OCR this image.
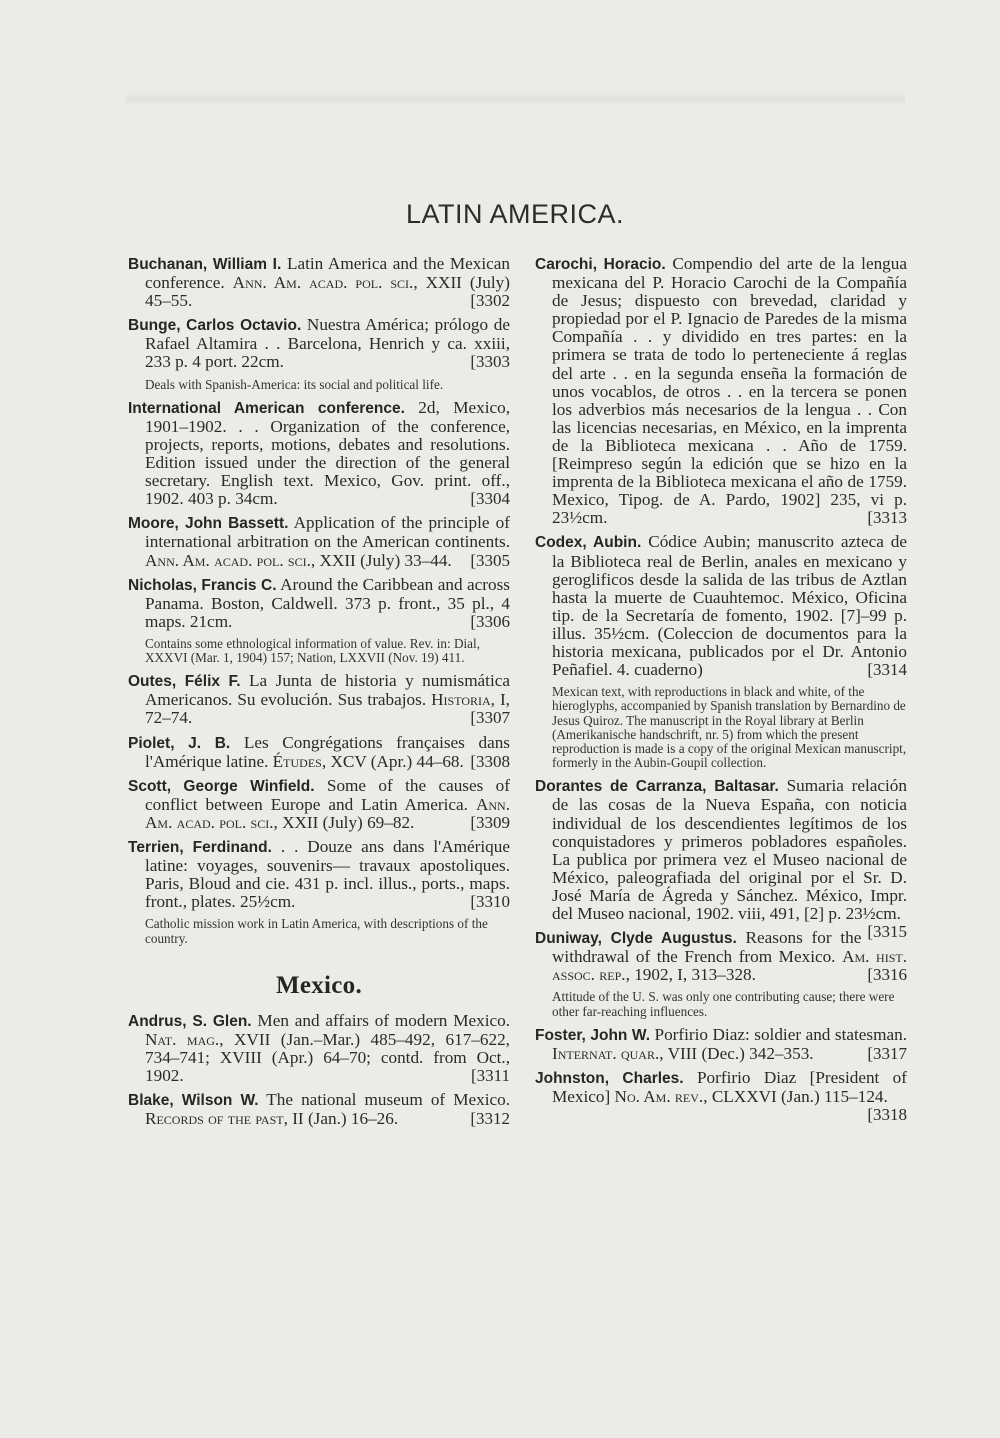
LATIN AMERICA.

Buchanan, William I. Latin America and the Mexican conference. Ann. Am. acad. pol. sci., XXII (July) 45–55.	[3302

Bunge, Carlos Octavio. Nuestra América; prólogo de Rafael Altamira . . Barcelona, Henrich y ca. xxiii, 233 p. 4 port. 22cm.	[3303

Deals with Spanish-America: its social and political life.

International American conference. 2d, Mexico, 1901–1902. . . Organization of the conference, projects, reports, motions, debates and resolutions. Edition issued under the direction of the general secretary. English text. Mexico, Gov. print. off., 1902. 403 p. 34cm.	[3304

Moore, John Bassett. Application of the principle of international arbitration on the American continents. Ann. Am. acad. pol. sci., XXII (July) 33–44. [3305

Nicholas, Francis C. Around the Caribbean and across Panama. Boston, Caldwell. 373 p. front., 35 pl., 4 maps. 21cm.	[3306

Contains some ethnological information of value. Rev. in: Dial, XXXVI (Mar. 1, 1904) 157; Nation, LXXVII (Nov. 19) 411.

Outes, Félix F. La Junta de historia y numismática Americanos. Su evolución. Sus trabajos. Historia, I, 72–74.	[3307

Piolet, J. B. Les Congrégations françaises dans l'Amérique latine. Études, XCV (Apr.) 44–68. [3308

Scott, George Winfield. Some of the causes of conflict between Europe and Latin America. Ann. Am. acad. pol. sci., XXII (July) 69–82.	[3309

Terrien, Ferdinand. . . Douze ans dans l'Amérique latine: voyages, souvenirs— travaux apostoliques. Paris, Bloud and cie. 431 p. incl. illus., ports., maps. front., plates. 25½cm.	[3310

Catholic mission work in Latin America, with descriptions of the country.
Mexico.

Andrus, S. Glen. Men and affairs of modern Mexico. Nat. mag., XVII (Jan.–Mar.) 485–492, 617–622, 734–741; XVIII (Apr.) 64–70; contd. from Oct., 1902.	[3311

Blake, Wilson W. The national museum of Mexico. Records of the past, II (Jan.) 16–26.	[3312

Carochi, Horacio. Compendio del arte de la lengua mexicana del P. Horacio Carochi de la Compañía de Jesus; dispuesto con brevedad, claridad y propiedad por el P. Ignacio de Paredes de la misma Compañía . . y dividido en tres partes: en la primera se trata de todo lo perteneciente á reglas del arte . . en la segunda enseña la formación de unos vocablos, de otros . . en la tercera se ponen los adverbios más necesarios de la lengua . . Con las licencias necesarias, en México, en la imprenta de la Biblioteca mexicana . . Año de 1759. [Reimpreso según la edición que se hizo en la imprenta de la Biblioteca mexicana el año de 1759. Mexico, Tipog. de A. Pardo, 1902] 235, vi p. 23½cm.	[3313

Codex, Aubin. Códice Aubin; manuscrito azteca de la Biblioteca real de Berlin, anales en mexicano y geroglificos desde la salida de las tribus de Aztlan hasta la muerte de Cuauhtemoc. México, Oficina tip. de la Secretaría de fomento, 1902. [7]–99 p. illus. 35½cm. (Coleccion de documentos para la historia mexicana, publicados por el Dr. Antonio Peñafiel. 4. cuaderno)	[3314

Mexican text, with reproductions in black and white, of the hieroglyphs, accompanied by Spanish translation by Bernardino de Jesus Quiroz. The manuscript in the Royal library at Berlin (Amerikanische handschrift, nr. 5) from which the present reproduction is made is a copy of the original Mexican manuscript, formerly in the Aubin-Goupil collection.

Dorantes de Carranza, Baltasar. Sumaria relación de las cosas de la Nueva España, con noticia individual de los descendientes legítimos de los conquistadores y primeros pobladores españoles. La publica por primera vez el Museo nacional de México, paleografiada del original por el Sr. D. José María de Ágreda y Sánchez. México, Impr. del Museo nacional, 1902. viii, 491, [2] p. 23½cm.
[3315

Duniway, Clyde Augustus. Reasons for the withdrawal of the French from Mexico. Am. hist. assoc. rep., 1902, I, 313–328.	[3316

Attitude of the U. S. was only one contributing cause; there were other far-reaching influences.

Foster, John W. Porfirio Diaz: soldier and statesman. Internat. quar., VIII (Dec.) 342–353.	[3317

Johnston, Charles. Porfirio Diaz [President of Mexico] No. Am. rev., CLXXVI (Jan.) 115–124.
[3318
